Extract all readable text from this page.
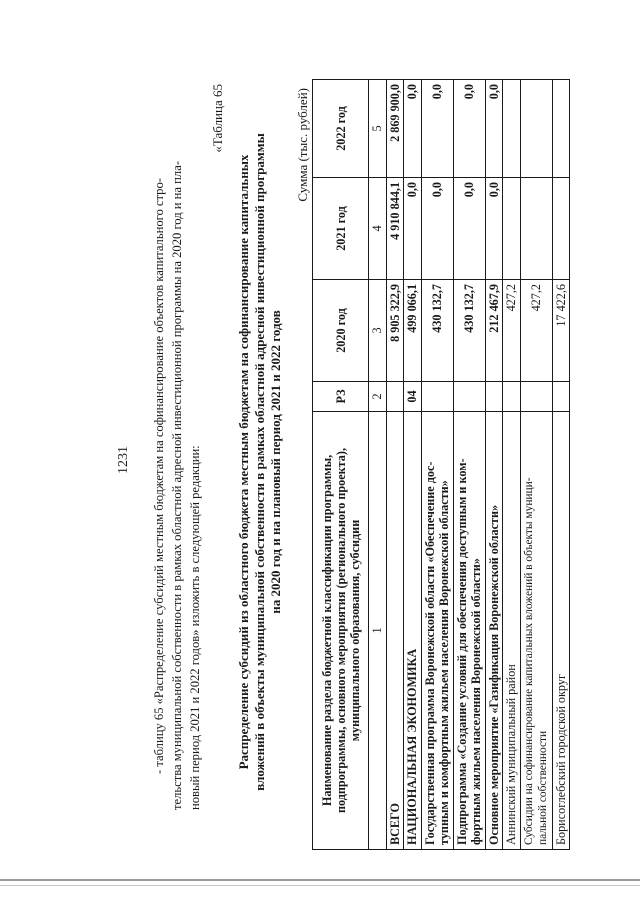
1231 - таблицу 65 «Распределение субсидий местным бюджетам на софинансирование объектов капитального стро- тельства муниципальной собственности в рамках областной адресной инвестиционной программы на 2020 год и на пла- новый период 2021 и 2022 годов» изложить в следующей редакции:
«Таблица 65
Распределение субсидий из областного бюджета местным бюджетам на софинансирование капитальных вложений в объекты муниципальной собственности в рамках областной адресной инвестиционной программы на 2020 год и на плановый период 2021 и 2022 годов
Сумма (тыс. рублей)
Наименование раздела бюджетной классификации программы, подпрограммы, основного мероприятия (регионального проекта), муниципального образования, субсидии	РЗ	2020 год	2021 год	2022 год
1	2	3	4	5
ВСЕГО		8 905 322,9	4 910 844,1	2 869 900,0
НАЦИОНАЛЬНАЯ ЭКОНОМИКА	04	499 066,1	0,0	0,0

Государственная программа Воронежской области «Обеспечение дос- тупным и комфортным жильем населения Воронежской области»		430 132,7	0,0	0,0

Подпрограмма «Создание условий для обеспечения доступным и ком- фортным жильем населения Воронежской области»		430 132,7	0,0	0,0
Основное мероприятие «Газификация Воронежской области»		212 467,9	0,0	0,0
Аннинский муниципальный район		427,2		

Субсидии на софинансирование капитальных вложений в объекты муници- пальной собственности		427,2		
Борисоглебский городской округ		17 422,6		
